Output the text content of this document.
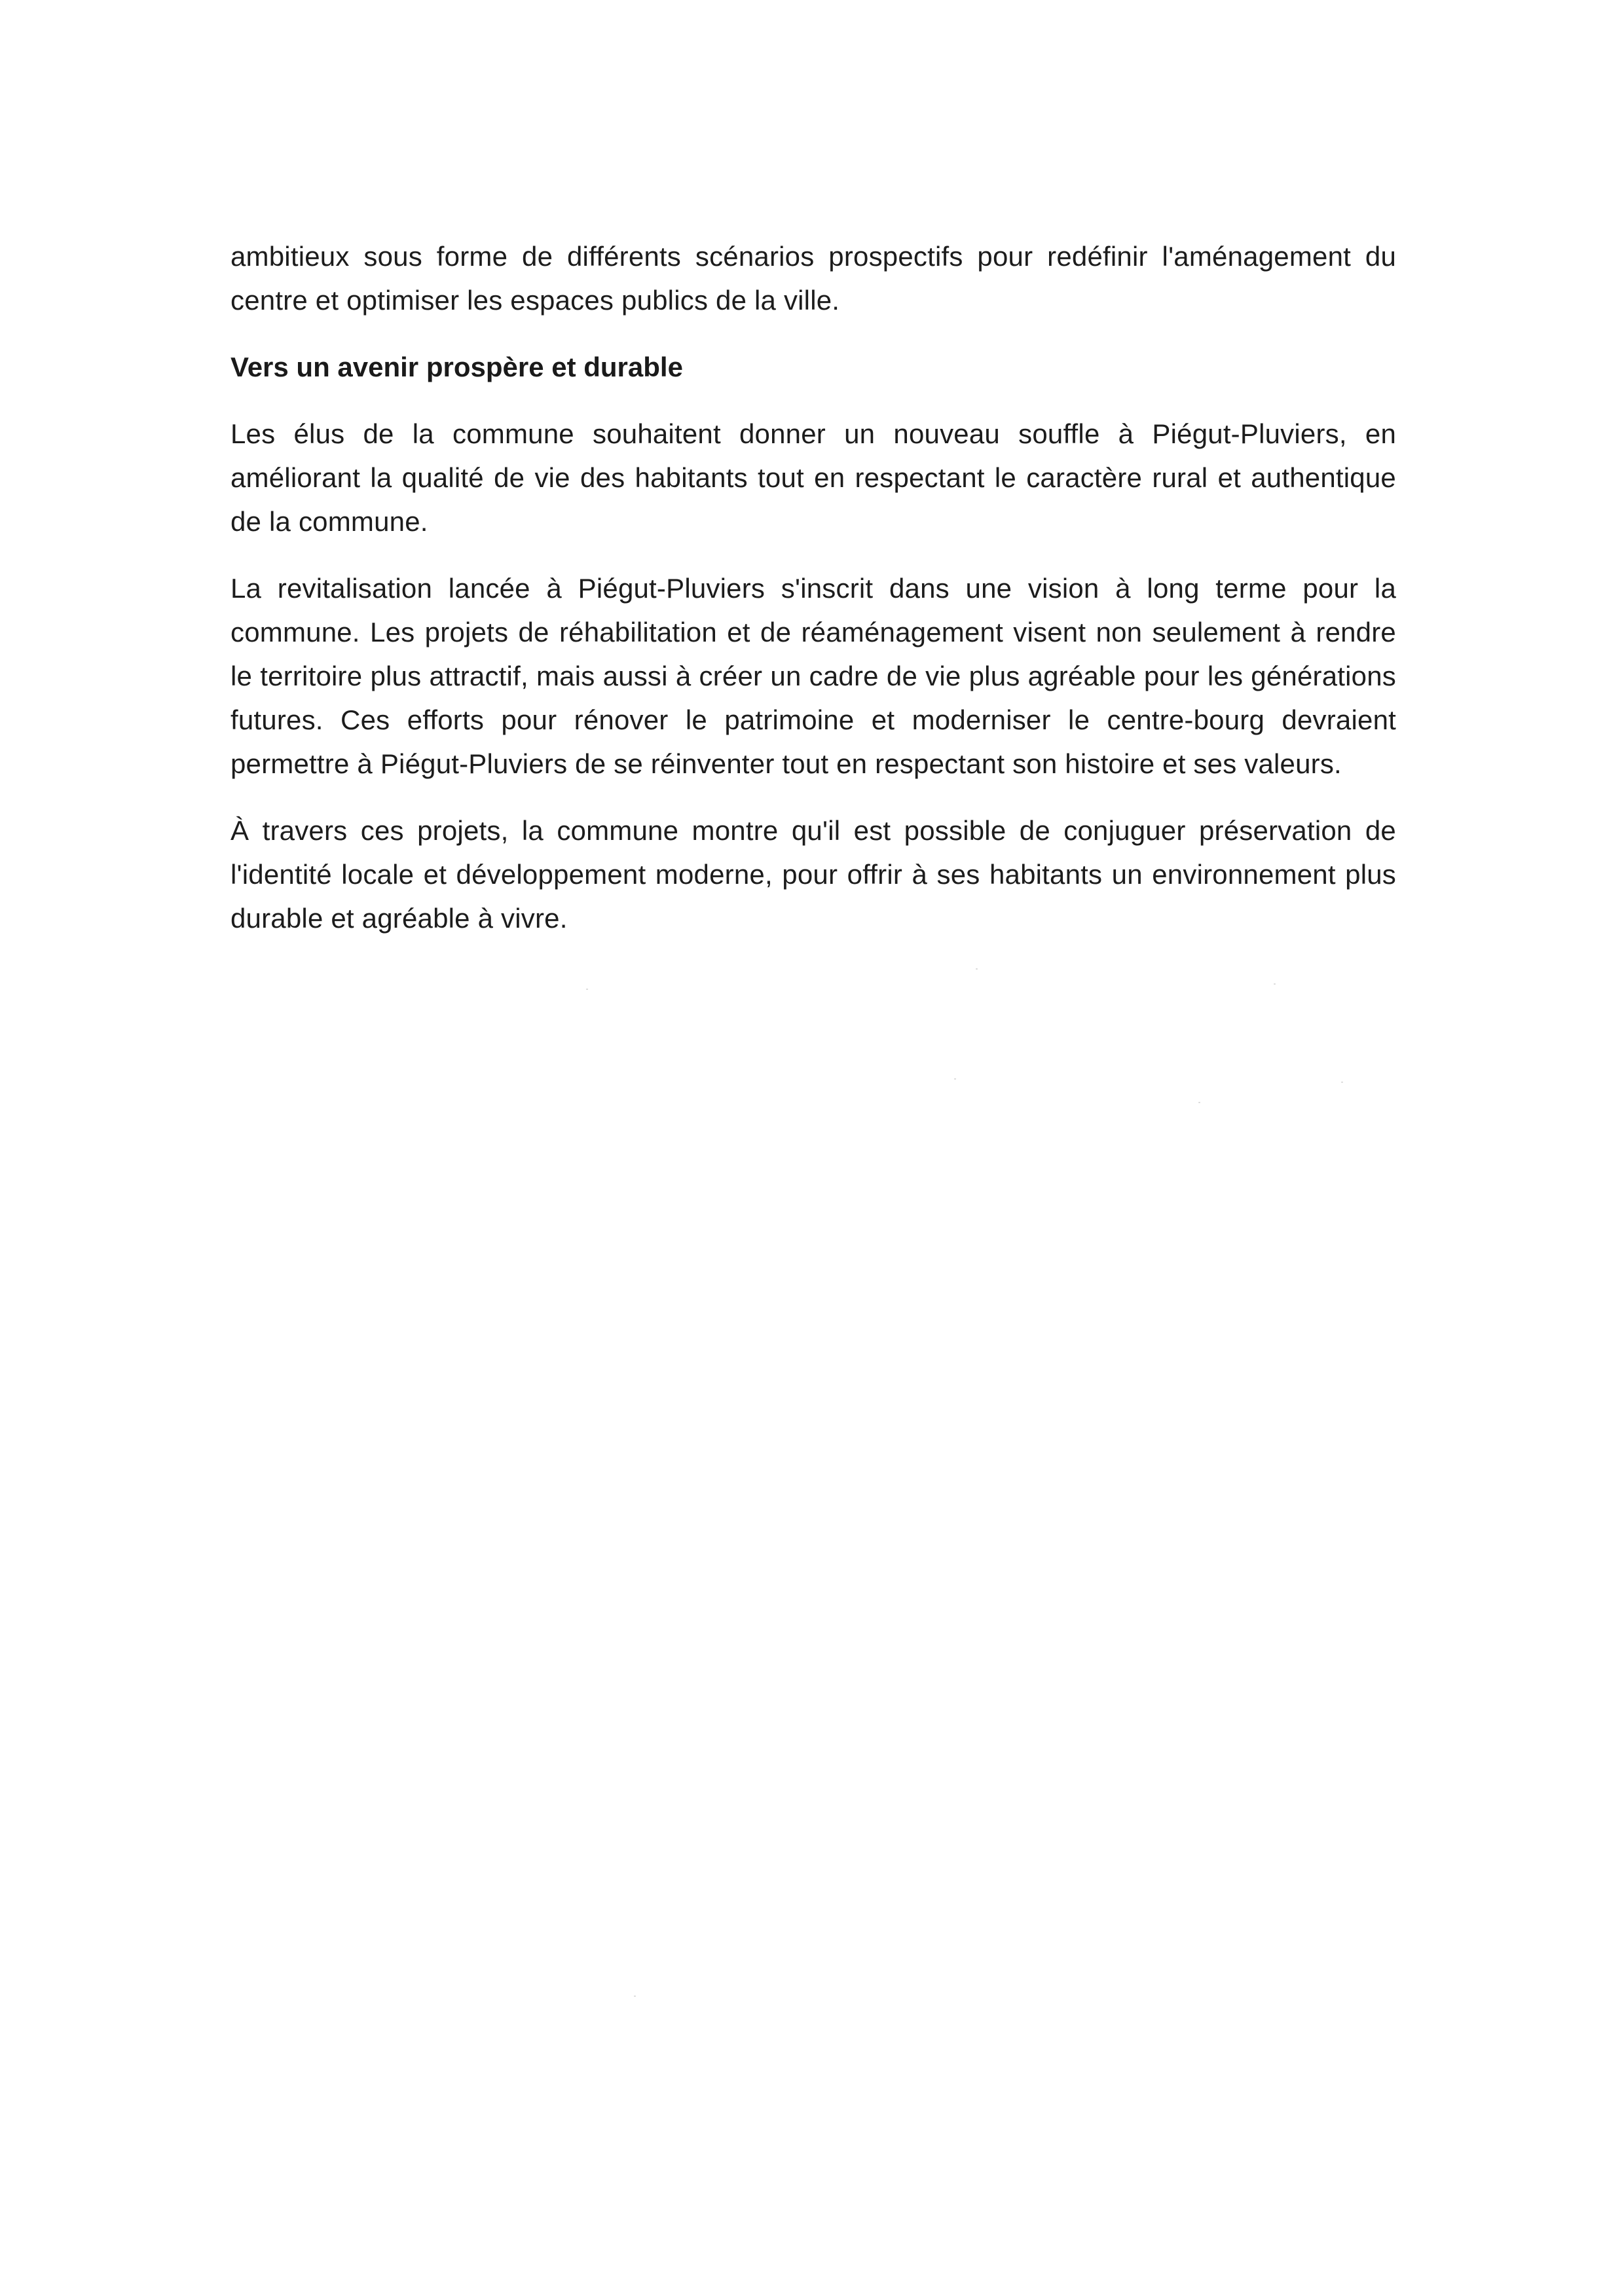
ambitieux sous forme de différents scénarios prospectifs pour redéfinir l'aménagement du centre et optimiser les espaces publics de la ville.

Vers un avenir prospère et durable

Les élus de la commune souhaitent donner un nouveau souffle à Piégut-Pluviers, en améliorant la qualité de vie des habitants tout en respectant le caractère rural et authentique de la commune.

La revitalisation lancée à Piégut-Pluviers s'inscrit dans une vision à long terme pour la commune. Les projets de réhabilitation et de réaménagement visent non seulement à rendre le territoire plus attractif, mais aussi à créer un cadre de vie plus agréable pour les générations futures. Ces efforts pour rénover le patrimoine et moderniser le centre-bourg devraient permettre à Piégut-Pluviers de se réinventer tout en respectant son histoire et ses valeurs.

À travers ces projets, la commune montre qu'il est possible de conjuguer préservation de l'identité locale et développement moderne, pour offrir à ses habitants un environnement plus durable et agréable à vivre.
